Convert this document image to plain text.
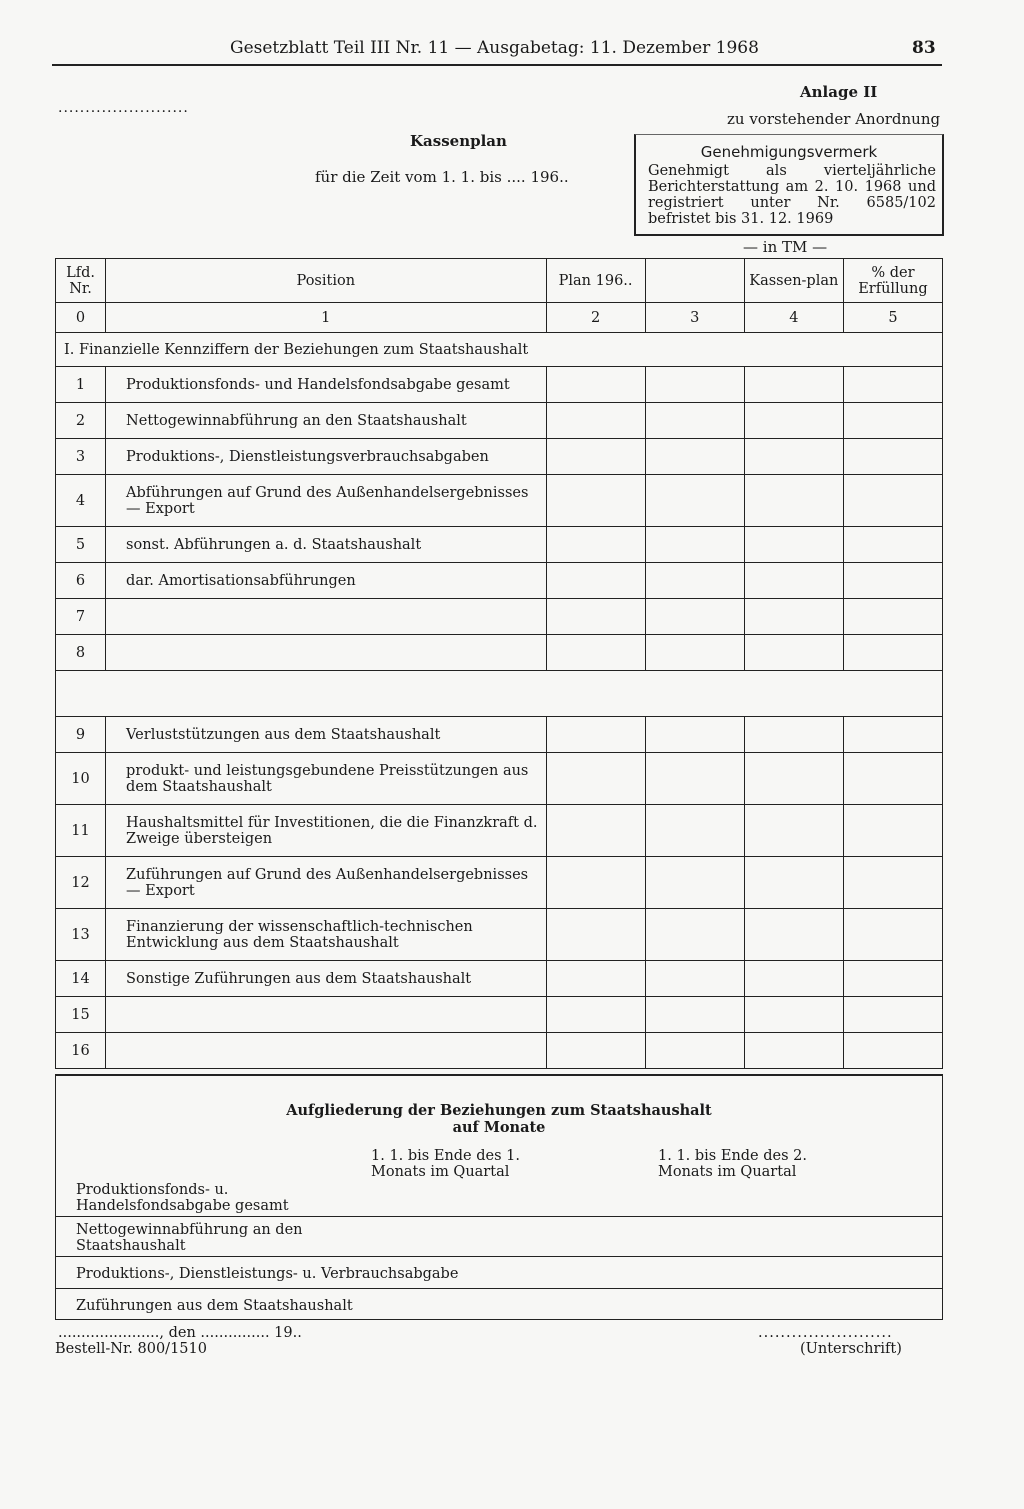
Gesetzblatt Teil III Nr. 11 — Ausgabetag: 11. Dezember 1968	83
........................
Anlage II
zu vorstehender Anordnung
Kassenplan
für die Zeit vom 1. 1. bis .... 196..
Genehmigungsvermerk
Genehmigt als vierteljährliche Berichterstattung am 2. 10. 1968 und registriert unter Nr. 6585/102 befristet bis 31. 12. 1969
— in TM —
Lfd. Nr.	Position	Plan 196..		Kassen-plan	% der Erfüllung
0	1	2	3	4	5
I. Finanzielle Kennziffern der Beziehungen zum Staatshaushalt					
1	Produktionsfonds- und Handelsfondsabgabe gesamt				
2	Nettogewinnabführung an den Staatshaushalt				
3	Produktions-, Dienstleistungsverbrauchsabgaben				
4	Abführungen auf Grund des Außenhandelsergebnisses — Export				
5	sonst. Abführungen a. d. Staatshaushalt				
6	dar. Amortisationsabführungen				
7					
8					

9	Verluststützungen aus dem Staatshaushalt				
10	produkt- und leistungsgebundene Preisstützungen aus dem Staatshaushalt				
11	Haushaltsmittel für Investitionen, die die Finanzkraft d. Zweige übersteigen				
12	Zuführungen auf Grund des Außenhandelsergebnisses — Export				
13	Finanzierung der wissenschaftlich-technischen Entwicklung aus dem Staatshaushalt				
14	Sonstige Zuführungen aus dem Staatshaushalt				
15					
16					
Aufgliederung der Beziehungen zum Staatshaushalt
auf Monate
1. 1. bis Ende des 1. Monats im Quartal
1. 1. bis Ende des 2. Monats im Quartal
Produktionsfonds- u. Handelsfondsabgabe gesamt
Nettogewinnabführung an den Staatshaushalt
Produktions-, Dienstleistungs- u. Verbrauchsabgabe
Zuführungen aus dem Staatshaushalt
......................, den ............... 19..	........................
Bestell-Nr. 800/1510	(Unterschrift)
